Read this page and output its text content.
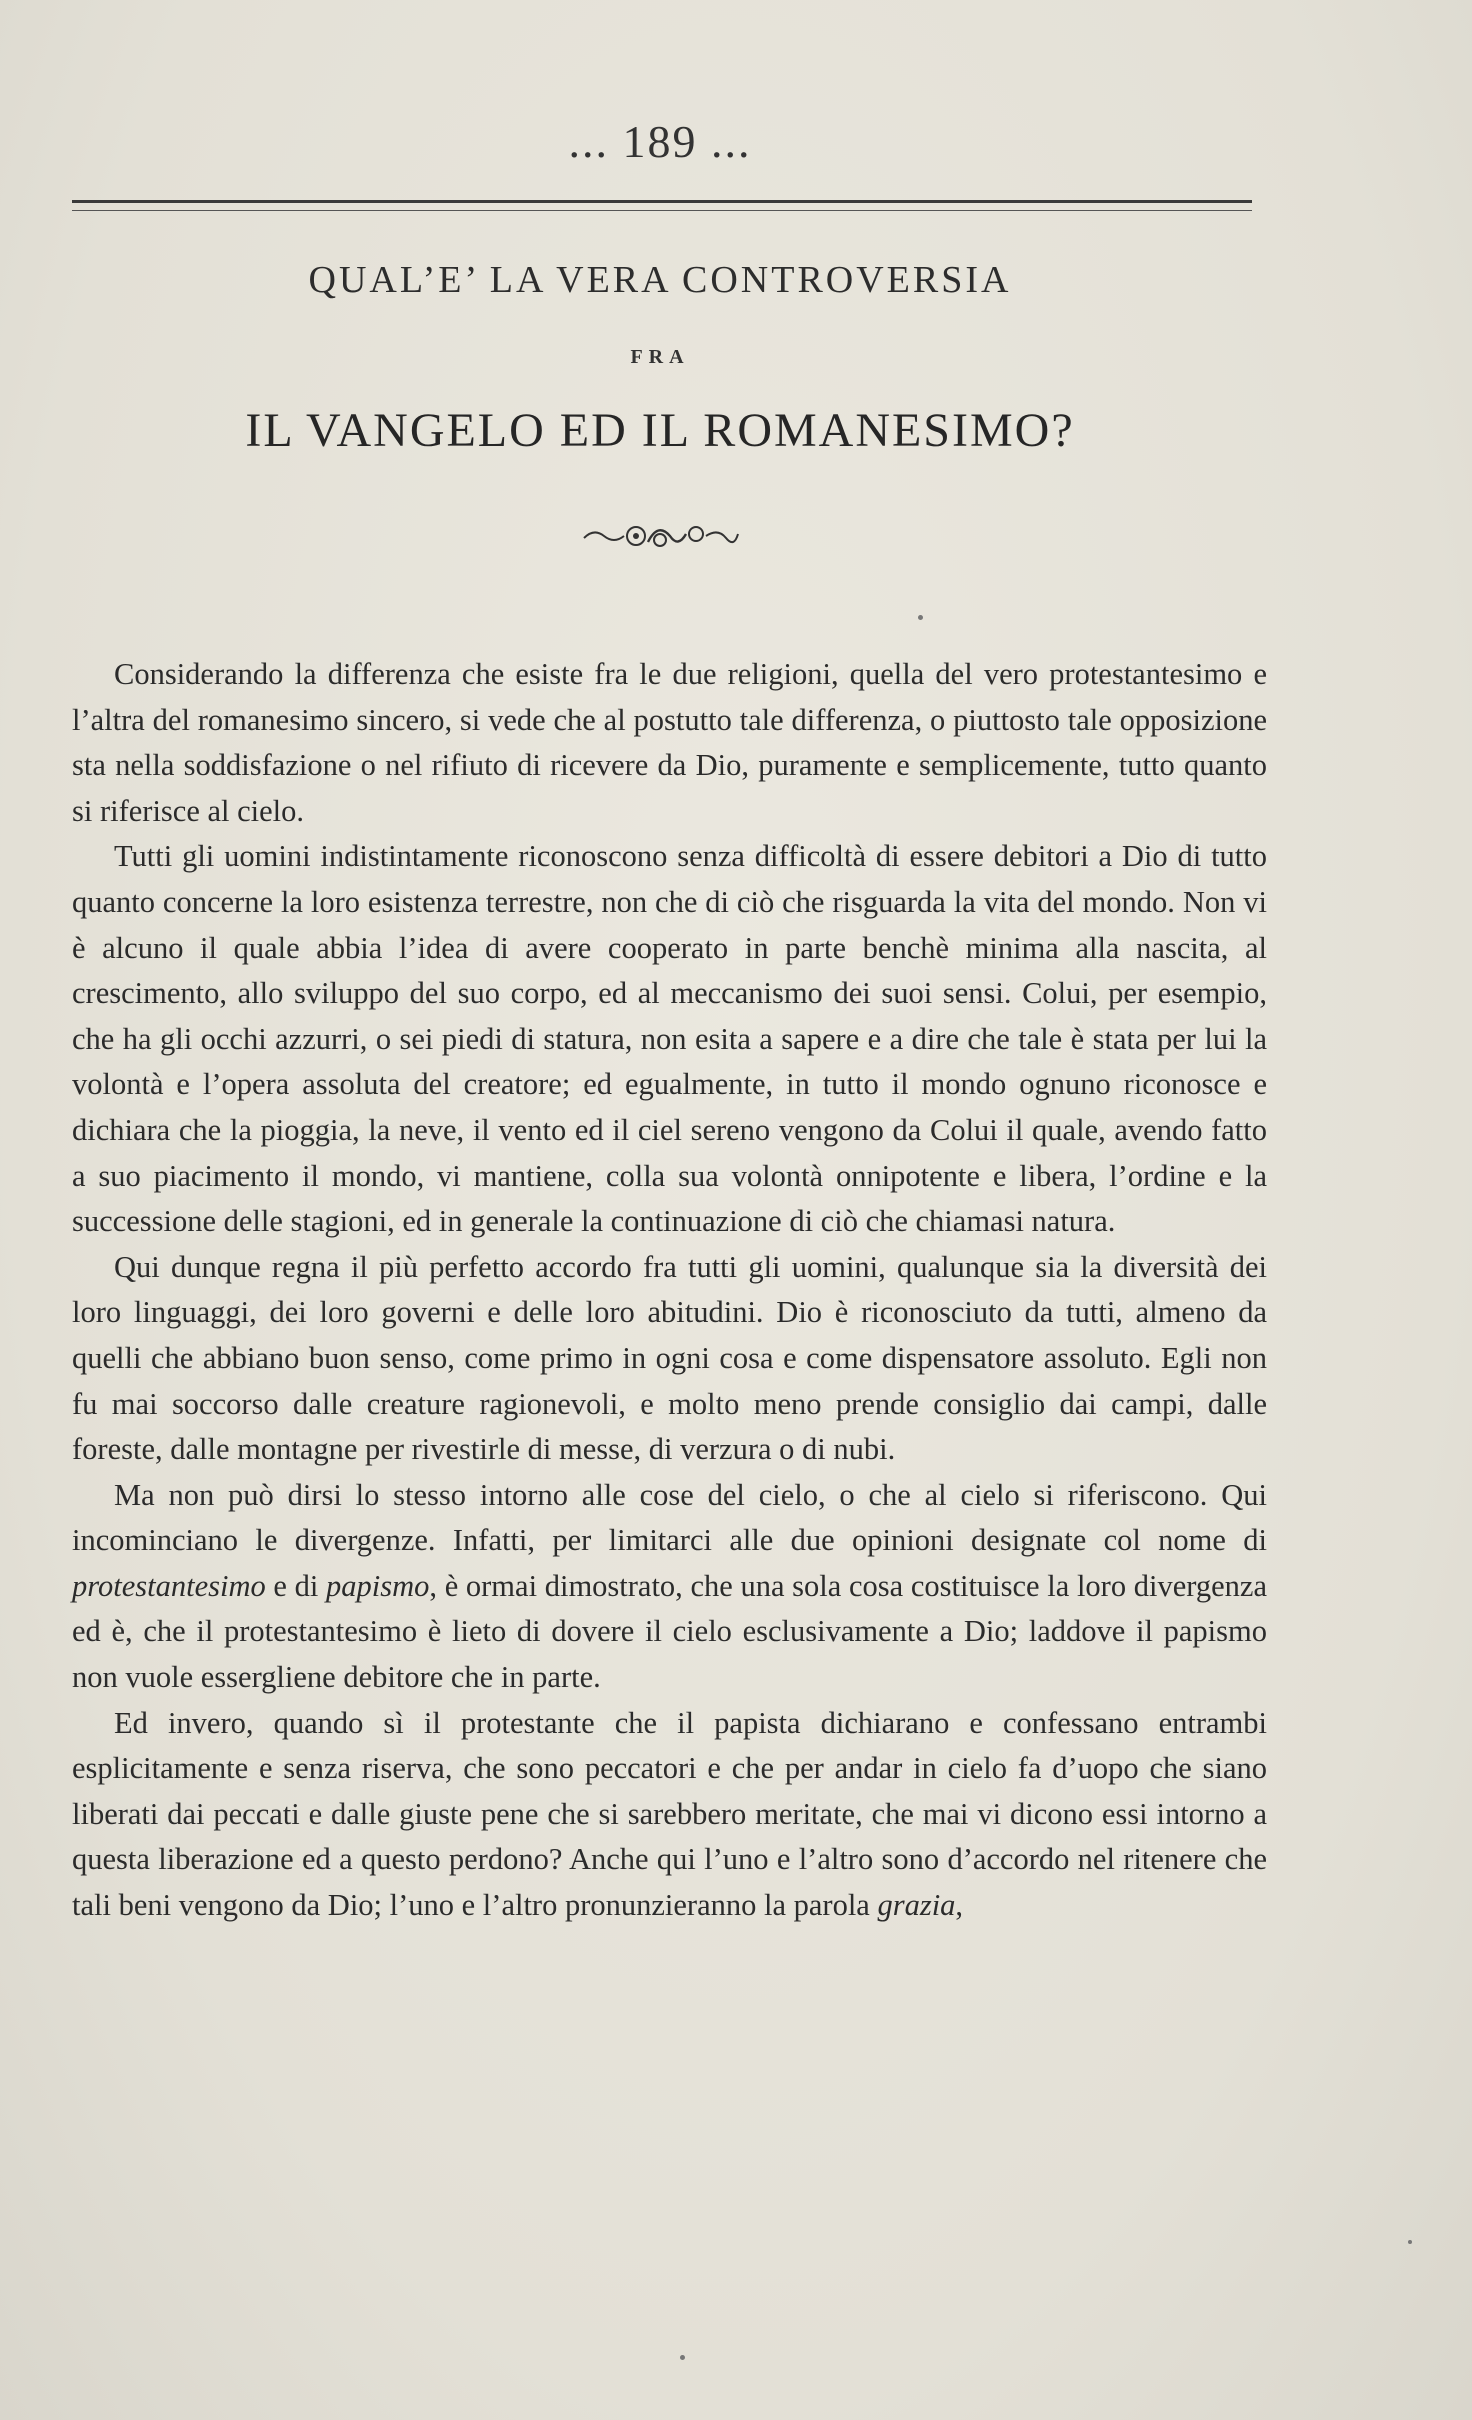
... 189 ...
QUAL’E’ LA VERA CONTROVERSIA
FRA
IL VANGELO ED IL ROMANESIMO?

Considerando la differenza che esiste fra le due religioni, quella del vero protestantesimo e l’altra del romanesimo sincero, si vede che al postutto tale differenza, o piuttosto tale opposizione sta nella soddisfazione o nel rifiuto di ricevere da Dio, puramente e semplicemente, tutto quanto si riferisce al cielo.

Tutti gli uomini indistintamente riconoscono senza difficoltà di essere debitori a Dio di tutto quanto concerne la loro esistenza terrestre, non che di ciò che risguarda la vita del mondo. Non vi è alcuno il quale abbia l’idea di avere cooperato in parte benchè minima alla nascita, al crescimento, allo sviluppo del suo corpo, ed al meccanismo dei suoi sensi. Colui, per esempio, che ha gli occhi azzurri, o sei piedi di statura, non esita a sapere e a dire che tale è stata per lui la volontà e l’opera assoluta del creatore; ed egualmente, in tutto il mondo ognuno riconosce e dichiara che la pioggia, la neve, il vento ed il ciel sereno vengono da Colui il quale, avendo fatto a suo piacimento il mondo, vi mantiene, colla sua volontà onnipotente e libera, l’ordine e la successione delle stagioni, ed in generale la continuazione di ciò che chiamasi natura.

Qui dunque regna il più perfetto accordo fra tutti gli uomini, qualunque sia la diversità dei loro linguaggi, dei loro governi e delle loro abitudini. Dio è riconosciuto da tutti, almeno da quelli che abbiano buon senso, come primo in ogni cosa e come dispensatore assoluto. Egli non fu mai soccorso dalle creature ragionevoli, e molto meno prende consiglio dai campi, dalle foreste, dalle montagne per rivestirle di messe, di verzura o di nubi.

Ma non può dirsi lo stesso intorno alle cose del cielo, o che al cielo si riferiscono. Qui incominciano le divergenze. Infatti, per limitarci alle due opinioni designate col nome di protestantesimo e di papismo, è ormai dimostrato, che una sola cosa costituisce la loro divergenza ed è, che il protestantesimo è lieto di dovere il cielo esclusivamente a Dio; laddove il papismo non vuole essergliene debitore che in parte.

Ed invero, quando sì il protestante che il papista dichiarano e confessano entrambi esplicitamente e senza riserva, che sono peccatori e che per andar in cielo fa d’uopo che siano liberati dai peccati e dalle giuste pene che si sarebbero meritate, che mai vi dicono essi intorno a questa liberazione ed a questo perdono? Anche qui l’uno e l’altro sono d’accordo nel ritenere che tali beni vengono da Dio; l’uno e l’altro pronunzieranno la parola grazia,
